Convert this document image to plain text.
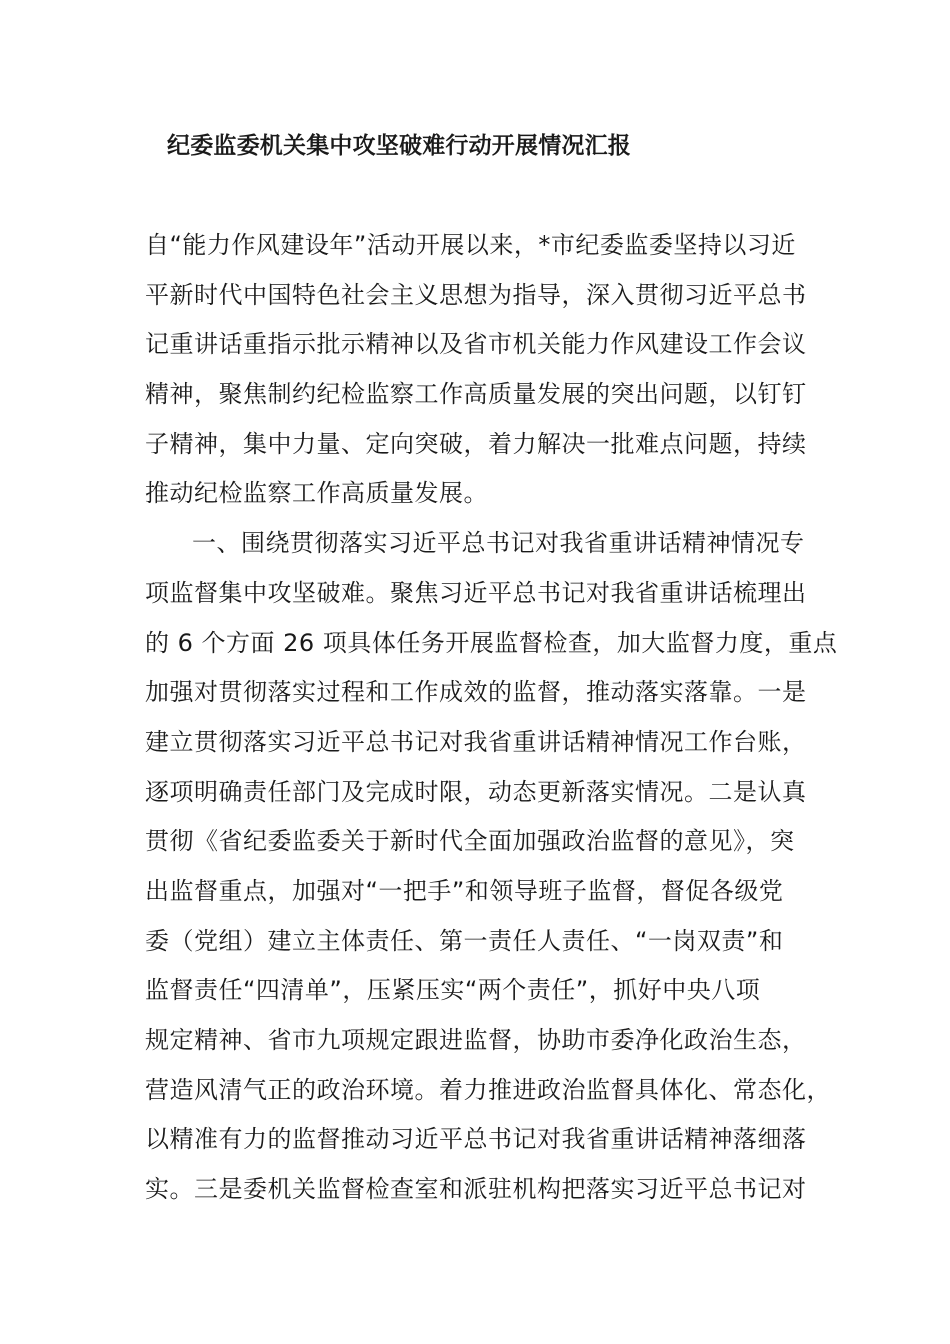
纪委监委机关集中攻坚破难行动开展情况汇报
自“能力作风建设年”活动开展以来，*市纪委监委坚持以习近
平新时代中国特色社会主义思想为指导，深入贯彻习近平总书
记重讲话重指示批示精神以及省市机关能力作风建设工作会议
精神，聚焦制约纪检监察工作高质量发展的突出问题，以钉钉
子精神，集中力量、定向突破，着力解决一批难点问题，持续
推动纪检监察工作高质量发展。
一、围绕贯彻落实习近平总书记对我省重讲话精神情况专
项监督集中攻坚破难。聚焦习近平总书记对我省重讲话梳理出
的 6 个方面 26 项具体任务开展监督检查，加大监督力度，重点
加强对贯彻落实过程和工作成效的监督，推动落实落靠。一是
建立贯彻落实习近平总书记对我省重讲话精神情况工作台账，
逐项明确责任部门及完成时限，动态更新落实情况。二是认真
贯彻《省纪委监委关于新时代全面加强政治监督的意见》，突
出监督重点，加强对“一把手”和领导班子监督，督促各级党
委（党组）建立主体责任、第一责任人责任、“一岗双责”和
监督责任“四清单”，压紧压实“两个责任”，抓好中央八项
规定精神、省市九项规定跟进监督，协助市委净化政治生态，
营造风清气正的政治环境。着力推进政治监督具体化、常态化，
以精准有力的监督推动习近平总书记对我省重讲话精神落细落
实。三是委机关监督检查室和派驻机构把落实习近平总书记对
